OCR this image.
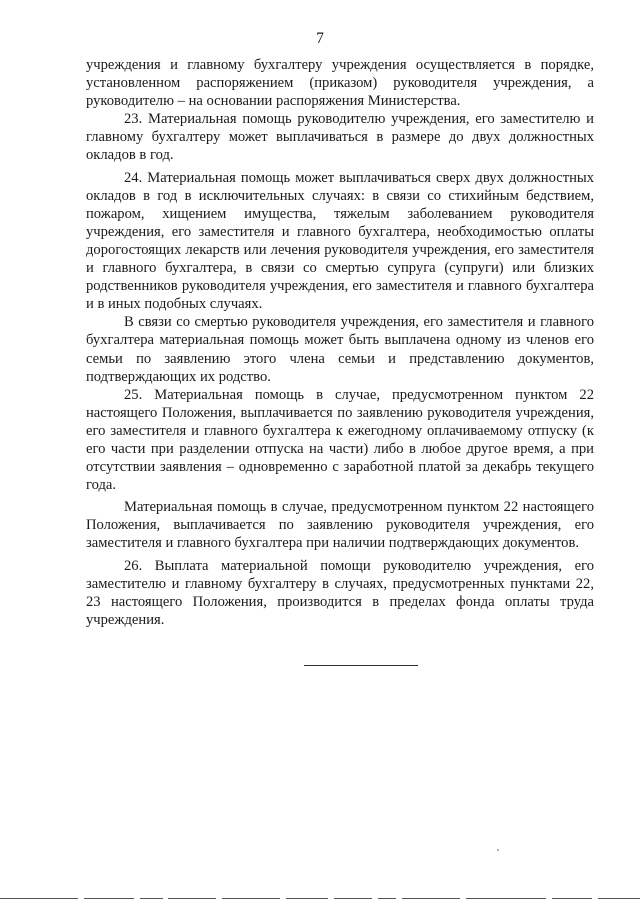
7

учреждения и главному бухгалтеру учреждения осуществляется в порядке, установленном распоряжением (приказом) руководителя учреждения, а руководителю – на основании распоряжения Министерства.

23. Материальная помощь руководителю учреждения, его заместителю и главному бухгалтеру может выплачиваться в размере до двух должностных окладов в год.

24. Материальная помощь может выплачиваться сверх двух должностных окладов в год в исключительных случаях: в связи со стихийным бедствием, пожаром, хищением имущества, тяжелым заболеванием руководителя учреждения, его заместителя и главного бухгалтера, необходимостью оплаты дорогостоящих лекарств или лечения руководителя учреждения, его заместителя и главного бухгалтера, в связи со смертью супруга (супруги) или близких родственников руководителя учреждения, его заместителя и главного бухгалтера и в иных подобных случаях.

В связи со смертью руководителя учреждения, его заместителя и главного бухгалтера материальная помощь может быть выплачена одному из членов его семьи по заявлению этого члена семьи и представлению документов, подтверждающих их родство.

25. Материальная помощь в случае, предусмотренном пунктом 22 настоящего Положения, выплачивается по заявлению руководителя учреждения, его заместителя и главного бухгалтера к ежегодному оплачиваемому отпуску (к его части при разделении отпуска на части) либо в любое другое время, а при отсутствии заявления – одновременно с заработной платой за декабрь текущего года.

Материальная помощь в случае, предусмотренном пунктом 22 настоящего Положения, выплачивается по заявлению руководителя учреждения, его заместителя и главного бухгалтера при наличии подтверждающих документов.

26. Выплата материальной помощи руководителю учреждения, его заместителю и главному бухгалтеру в случаях, предусмотренных пунктами 22, 23 настоящего Положения, производится в пределах фонда оплаты труда учреждения.
